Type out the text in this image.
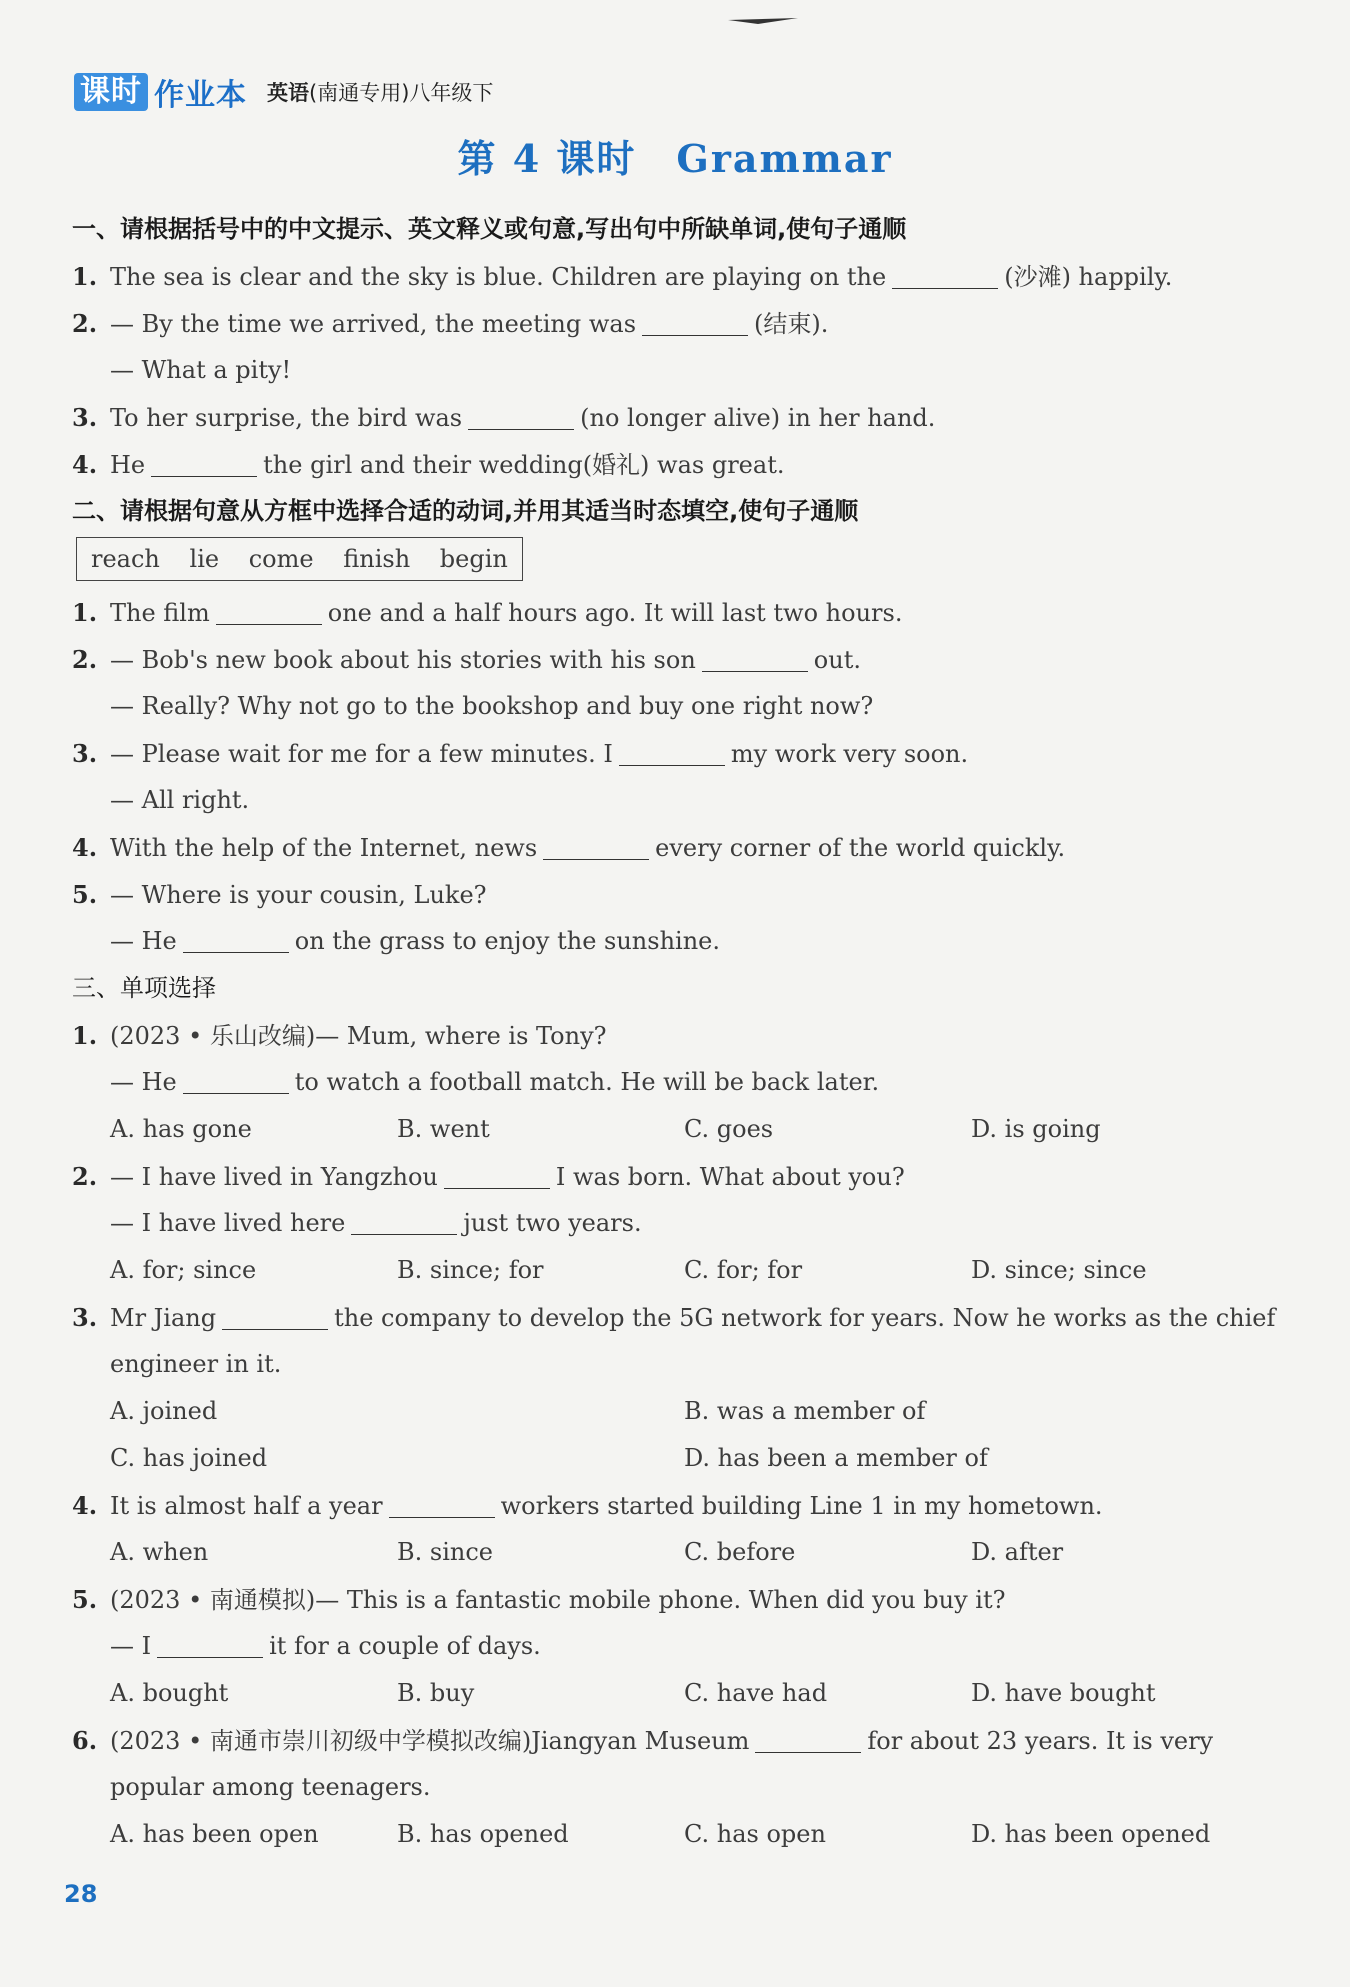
课时 作业本 英语(南通专用)八年级下
第 4 课时 Grammar
一、请根据括号中的中文提示、英文释义或句意,写出句中所缺单词,使句子通顺
1. The sea is clear and the sky is blue. Children are playing on the	(沙滩) happily.
2. — By the time we arrived, the meeting was	(结束).
— What a pity!
3. To her surprise, the bird was	(no longer alive) in her hand.
4. He	the girl and their wedding(婚礼) was great.
二、请根据句意从方框中选择合适的动词,并用其适当时态填空,使句子通顺
reach lie come finish begin
1. The film	one and a half hours ago. It will last two hours.
2. — Bob's new book about his stories with his son	out.
— Really? Why not go to the bookshop and buy one right now?
3. — Please wait for me for a few minutes. I	my work very soon.
— All right.
4. With the help of the Internet, news	every corner of the world quickly.
5. — Where is your cousin, Luke?
— He	on the grass to enjoy the sunshine.
三、单项选择
1. (2023 • 乐山改编)— Mum, where is Tony?
— He	to watch a football match. He will be back later.
A. has gone	B. went	C. goes	D. is going
2. — I have lived in Yangzhou	I was born. What about you?
— I have lived here	just two years.
A. for; since	B. since; for	C. for; for	D. since; since
3. Mr Jiang	the company to develop the 5G network for years. Now he works as the chief
engineer in it.
A. joined	B. was a member of
C. has joined	D. has been a member of
4. It is almost half a year	workers started building Line 1 in my hometown.
A. when	B. since	C. before	D. after
5. (2023 • 南通模拟)— This is a fantastic mobile phone. When did you buy it?
— I	it for a couple of days.
A. bought	B. buy	C. have had	D. have bought
6. (2023 • 南通市崇川初级中学模拟改编)Jiangyan Museum	for about 23 years. It is very
popular among teenagers.
A. has been open	B. has opened	C. has open	D. has been opened
28
